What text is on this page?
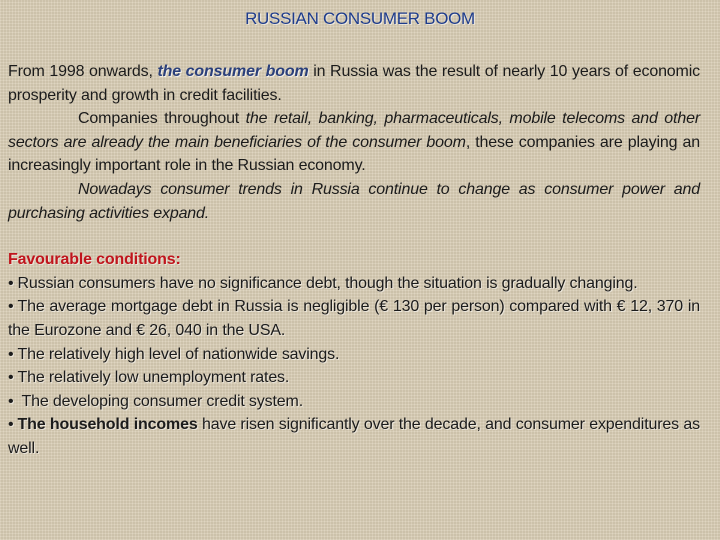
RUSSIAN CONSUMER BOOM

From 1998 onwards, the consumer boom in Russia was the result of nearly 10 years of economic prosperity and growth in credit facilities.

Companies throughout the retail, banking, pharmaceuticals, mobile telecoms and other sectors are already the main beneficiaries of the consumer boom, these companies are playing an increasingly important role in the Russian economy.

Nowadays consumer trends in Russia continue to change as consumer power and purchasing activities expand.

Favourable conditions:

• Russian consumers have no significance debt, though the situation is gradually changing.

• The average mortgage debt in Russia is negligible (€ 130 per person) compared with € 12, 370 in the Eurozone and € 26, 040 in the USA.

• The relatively high level of nationwide savings.

• The relatively low unemployment rates.

• The developing consumer credit system.

• The household incomes have risen significantly over the decade, and consumer expenditures as well.
